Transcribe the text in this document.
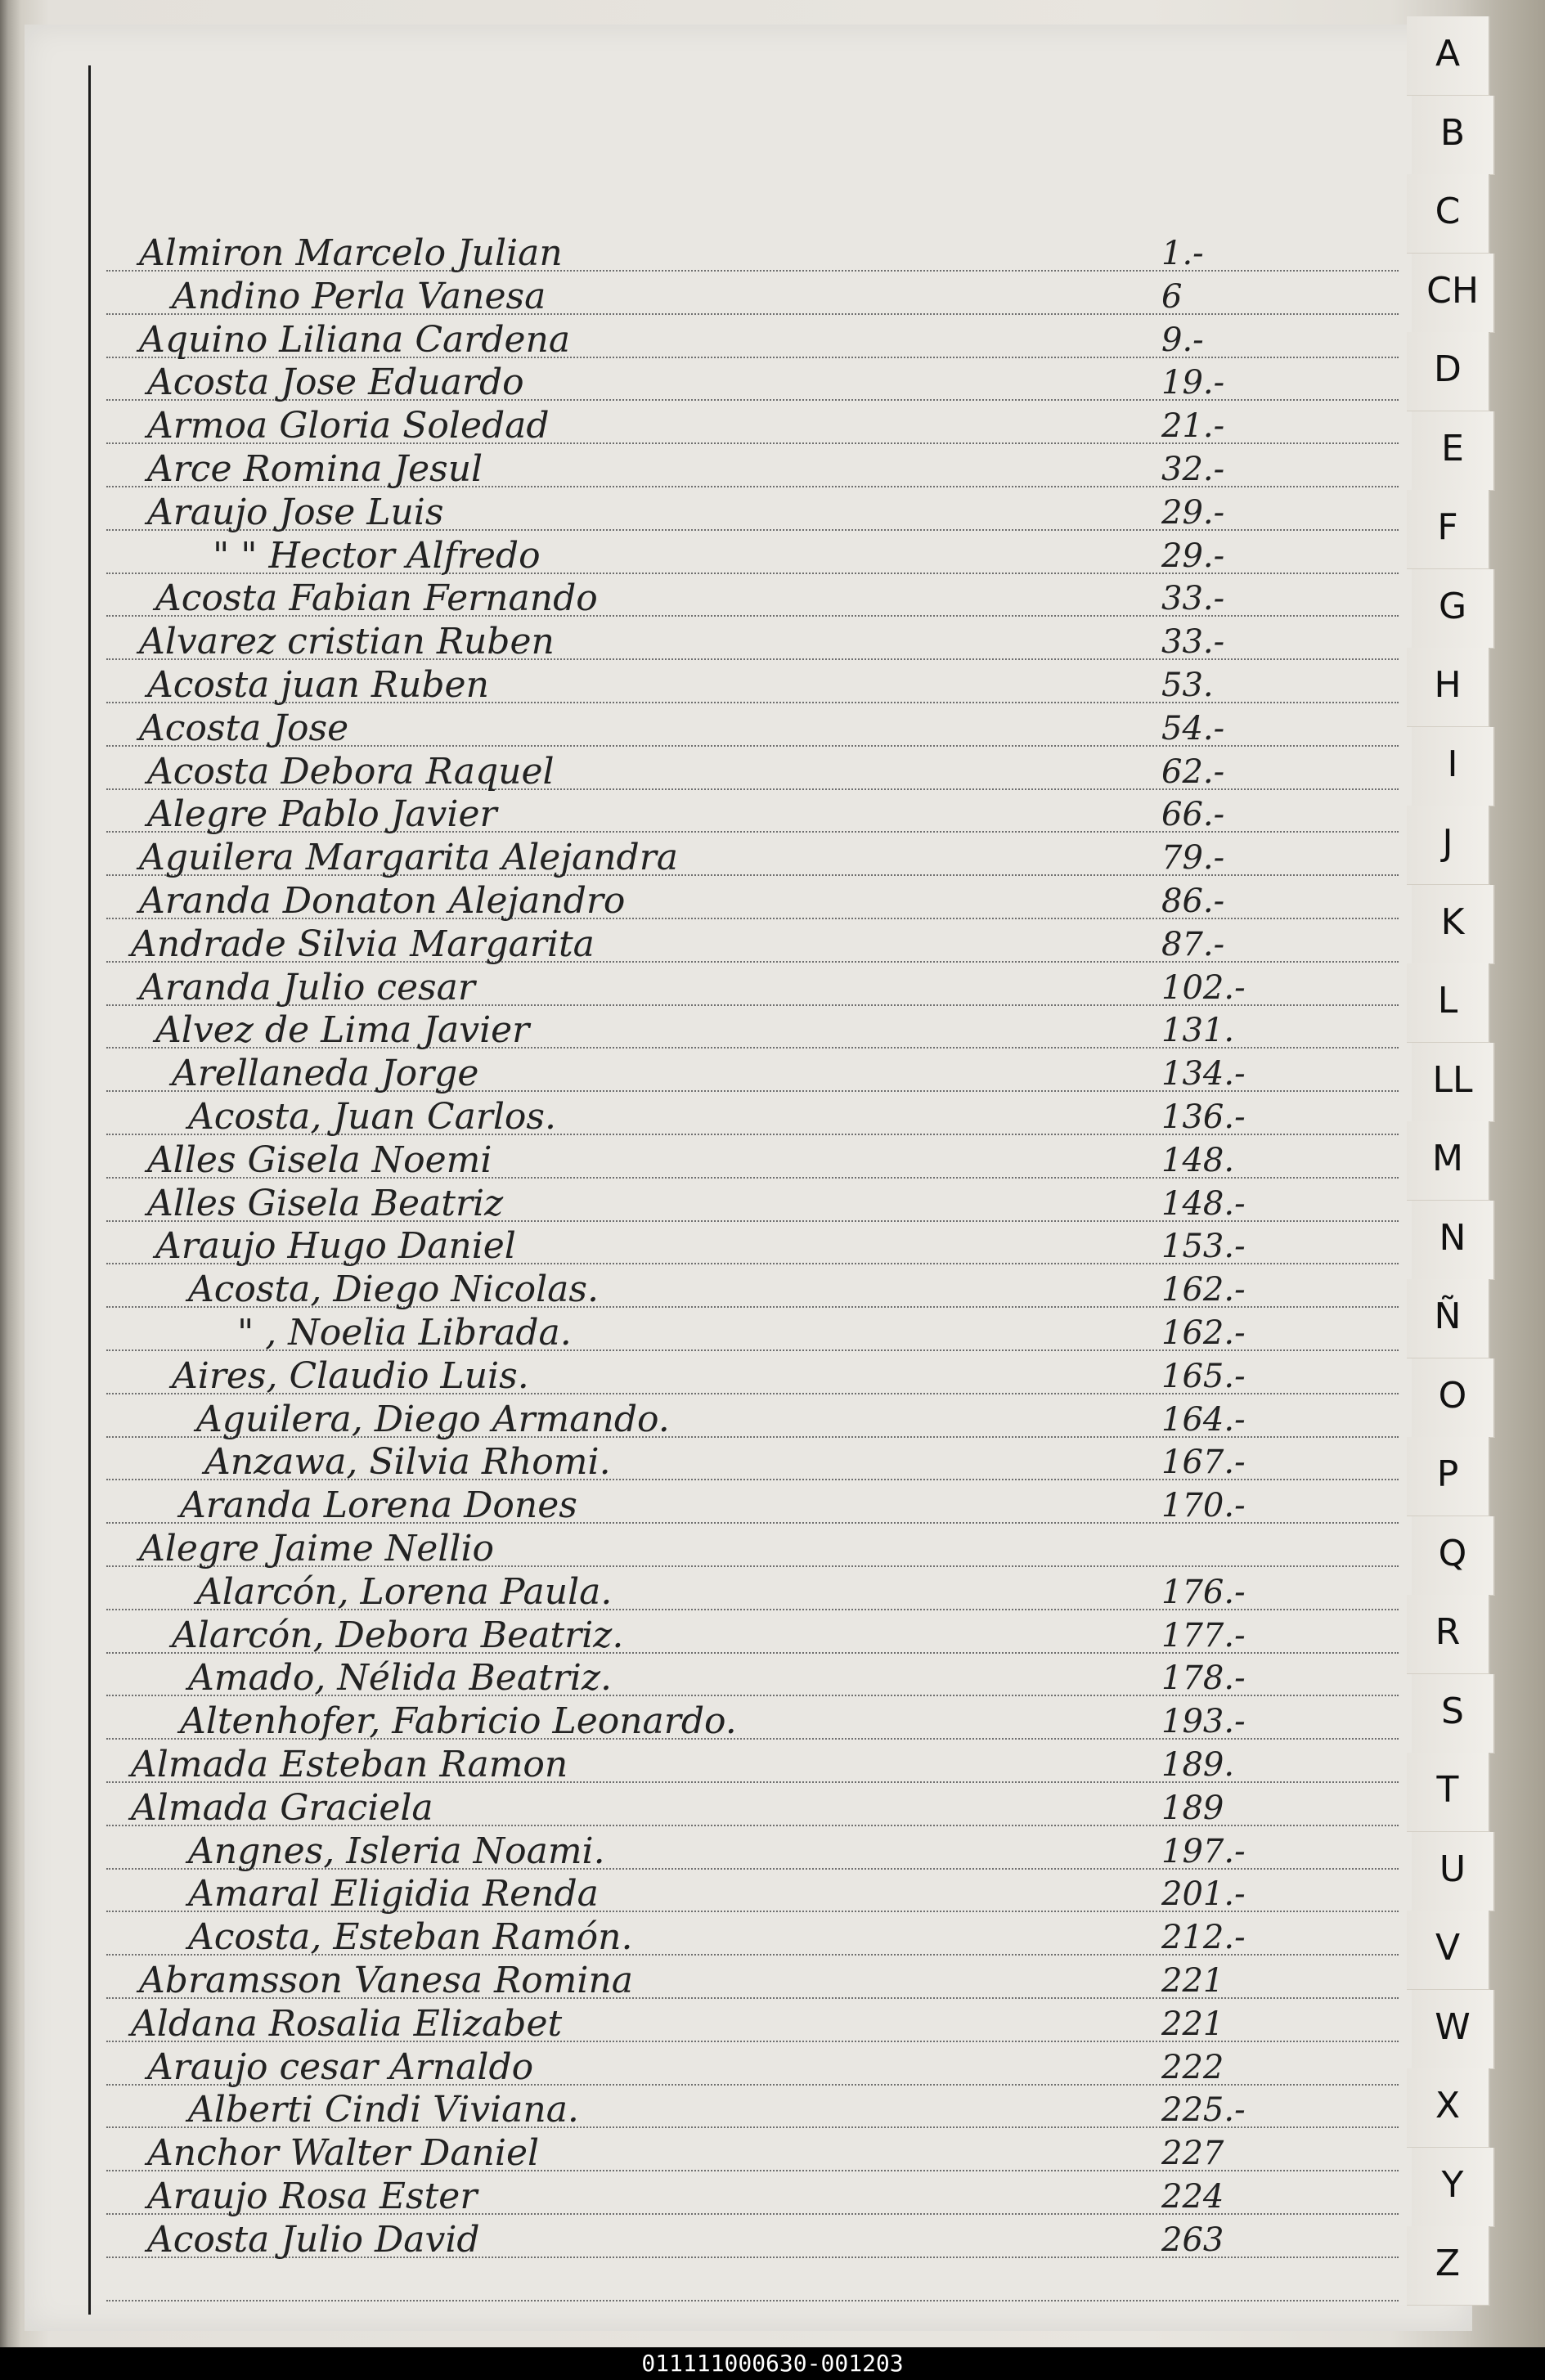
Almiron Marcelo Julian	1.-
Andino Perla Vanesa	6
Aquino Liliana Cardena	9.-
Acosta Jose Eduardo	19.-
Armoa Gloria Soledad	21.-
Arce Romina Jesul	32.-
Araujo Jose Luis	29.-
" " Hector Alfredo	29.-
Acosta Fabian Fernando	33.-
Alvarez cristian Ruben	33.-
Acosta juan Ruben	53.
Acosta Jose	54.-
Acosta Debora Raquel	62.-
Alegre Pablo Javier	66.-
Aguilera Margarita Alejandra	79.-
Aranda Donaton Alejandro	86.-
Andrade Silvia Margarita	87.-
Aranda Julio cesar	102.-
Alvez de Lima Javier	131.
Arellaneda Jorge	134.-
Acosta, Juan Carlos.	136.-
Alles Gisela Noemi	148.
Alles Gisela Beatriz	148.-
Araujo Hugo Daniel	153.-
Acosta, Diego Nicolas.	162.-
" , Noelia Librada.	162.-
Aires, Claudio Luis.	165.-
Aguilera, Diego Armando.	164.-
Anzawa, Silvia Rhomi.	167.-
Aranda Lorena Dones	170.-
Alegre Jaime Nellio
Alarcón, Lorena Paula.	176.-
Alarcón, Debora Beatriz.	177.-
Amado, Nélida Beatriz.	178.-
Altenhofer, Fabricio Leonardo.	193.-
Almada Esteban Ramon	189.
Almada Graciela	189
Angnes, Isleria Noami.	197.-
Amaral Eligidia Renda	201.-
Acosta, Esteban Ramón.	212.-
Abramsson Vanesa Romina	221
Aldana Rosalia Elizabet	221
Araujo cesar Arnaldo	222
Alberti Cindi Viviana.	225.-
Anchor Walter Daniel	227
Araujo Rosa Ester	224
Acosta Julio David	263
A
B
C
CH
D
E
F
G
H
I
J
K
L
LL
M
N
Ñ
O
P
Q
R
S
T
U
V
W
X
Y
Z
011111000630-001203
